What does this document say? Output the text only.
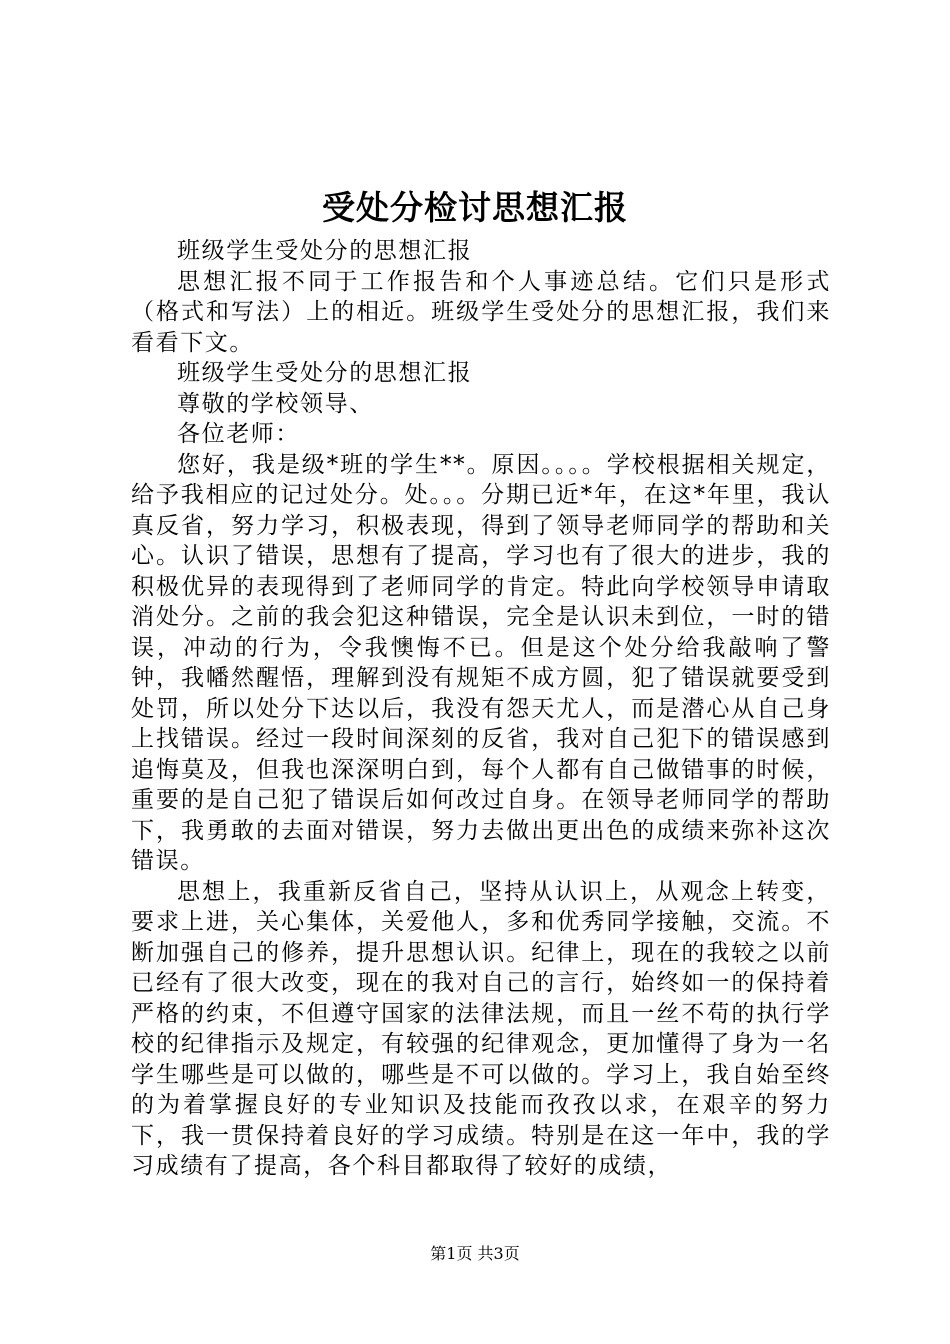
受处分检讨思想汇报

班级学生受处分的思想汇报

思想汇报不同于工作报告和个人事迹总结。它们只是形式（格式和写法）上的相近。班级学生受处分的思想汇报，我们来看看下文。

班级学生受处分的思想汇报

尊敬的学校领导、

各位老师：

您好，我是级*班的学生**。原因。。。。学校根据相关规定，给予我相应的记过处分。处。。。分期已近*年，在这*年里，我认真反省，努力学习，积极表现，得到了领导老师同学的帮助和关心。认识了错误，思想有了提高，学习也有了很大的进步，我的积极优异的表现得到了老师同学的肯定。特此向学校领导申请取消处分。之前的我会犯这种错误，完全是认识未到位，一时的错误，冲动的行为，令我懊悔不已。但是这个处分给我敲响了警钟，我幡然醒悟，理解到没有规矩不成方圆，犯了错误就要受到处罚，所以处分下达以后，我没有怨天尤人，而是潜心从自己身上找错误。经过一段时间深刻的反省，我对自己犯下的错误感到追悔莫及，但我也深深明白到，每个人都有自己做错事的时候，重要的是自己犯了错误后如何改过自身。在领导老师同学的帮助下，我勇敢的去面对错误，努力去做出更出色的成绩来弥补这次错误。

思想上，我重新反省自己，坚持从认识上，从观念上转变，要求上进，关心集体，关爱他人，多和优秀同学接触，交流。不断加强自己的修养，提升思想认识。纪律上，现在的我较之以前已经有了很大改变，现在的我对自己的言行，始终如一的保持着严格的约束，不但遵守国家的法律法规，而且一丝不苟的执行学校的纪律指示及规定，有较强的纪律观念，更加懂得了身为一名学生哪些是可以做的，哪些是不可以做的。学习上，我自始至终的为着掌握良好的专业知识及技能而孜孜以求，在艰辛的努力下，我一贯保持着良好的学习成绩。特别是在这一年中，我的学习成绩有了提高，各个科目都取得了较好的成绩，

第1页 共3页
